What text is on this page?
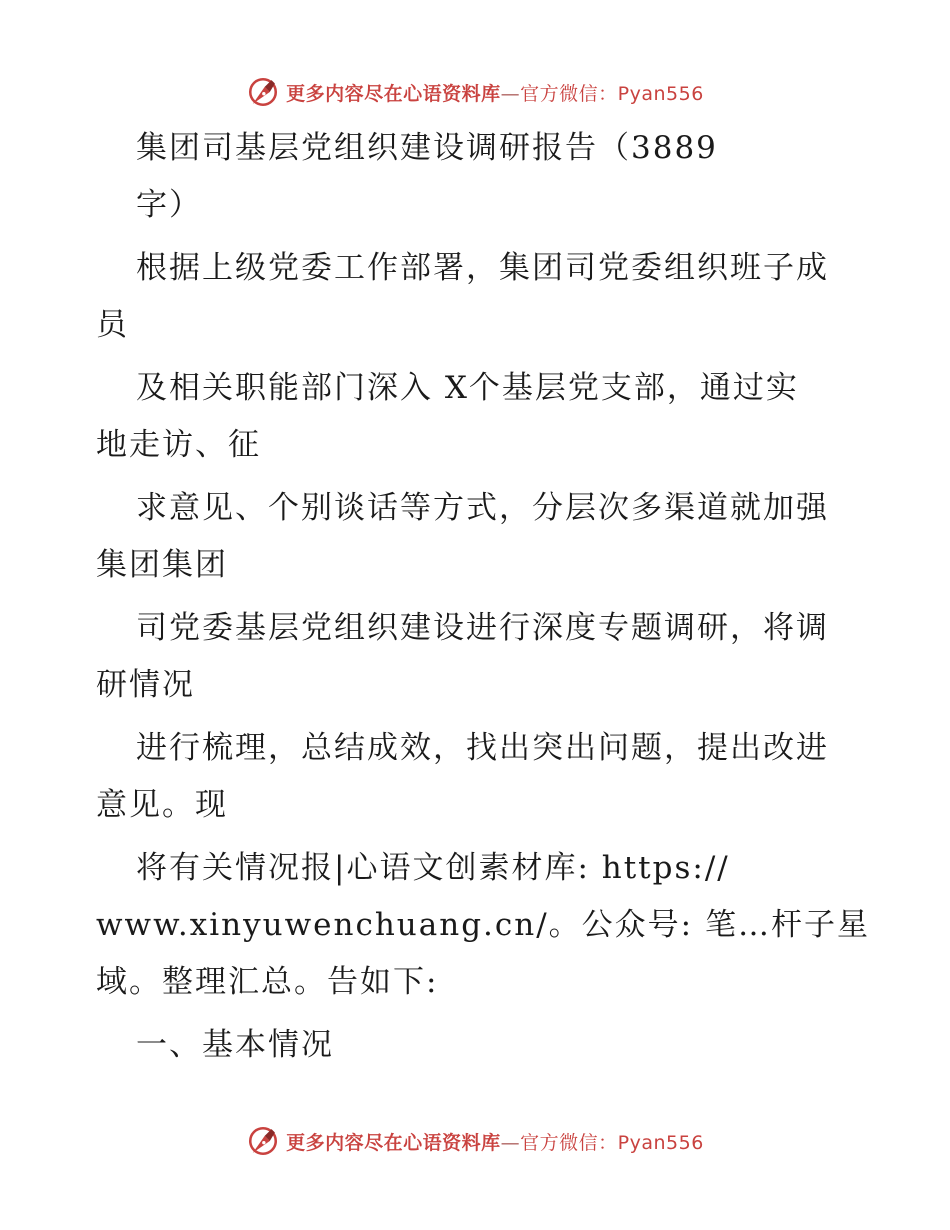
更多内容尽在心语资料库—官方微信：Pyan556
集团司基层党组织建设调研报告（3889
字）
根据上级党委工作部署，集团司党委组织班子成
员
及相关职能部门深入 X个基层党支部，通过实
地走访、征
求意见、个别谈话等方式，分层次多渠道就加强
集团集团
司党委基层党组织建设进行深度专题调研，将调
研情况
进行梳理，总结成效，找出突出问题，提出改进
意见。现
将有关情况报|心语文创素材库: https://
www.xinyuwenchuang.cn/。公众号: 笔…杆子星
域。整理汇总。告如下:
一、基本情况
更多内容尽在心语资料库—官方微信：Pyan556
